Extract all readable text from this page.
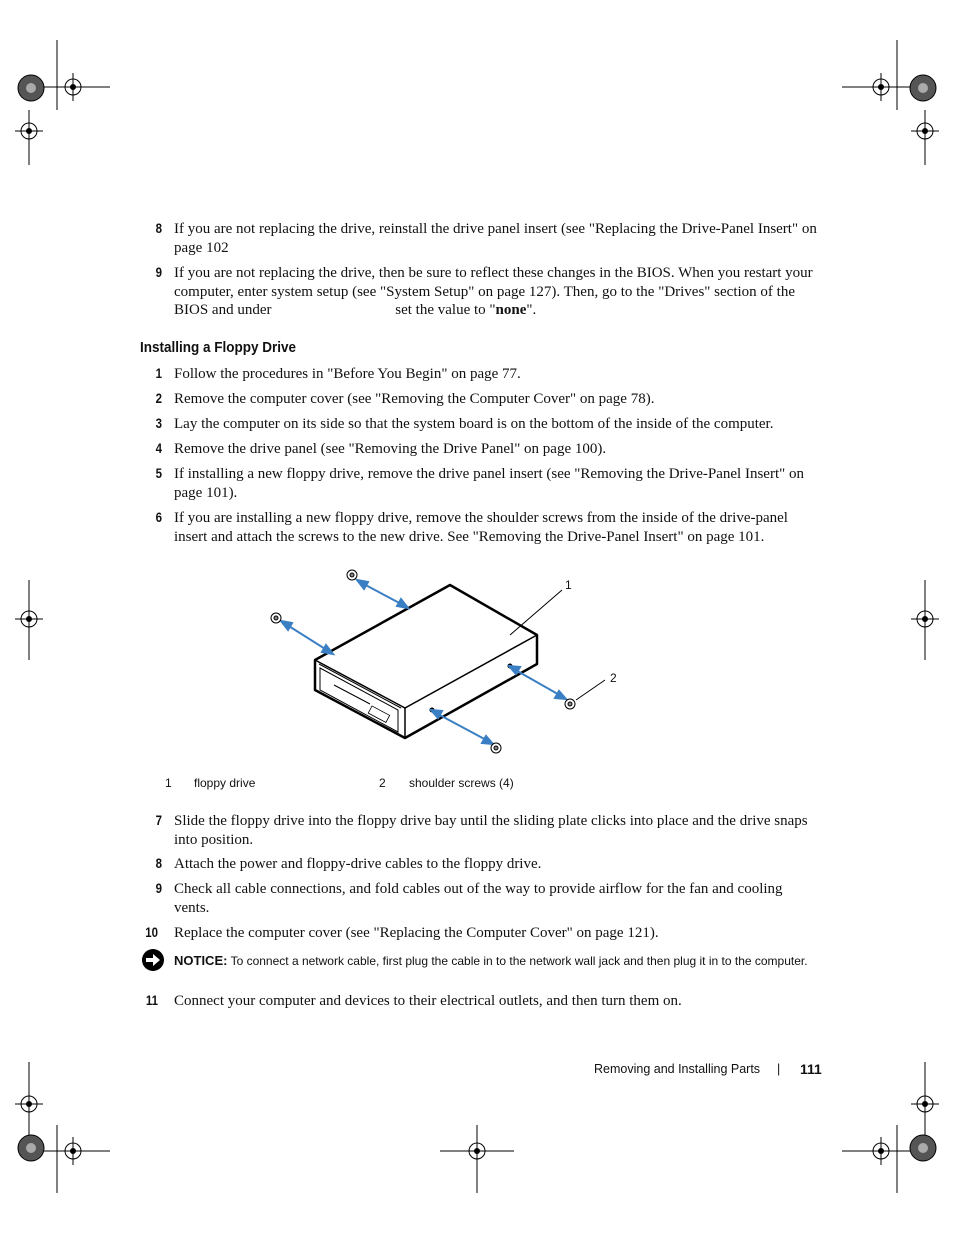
8 If you are not replacing the drive, reinstall the drive panel insert (see "Replacing the Drive-Panel Insert" on page 102
9 If you are not replacing the drive, then be sure to reflect these changes in the BIOS. When you restart your computer, enter system setup (see "System Setup" on page 127). Then, go to the "Drives" section of the BIOS and under	set the value to "none".
Installing a Floppy Drive
1 Follow the procedures in "Before You Begin" on page 77.
2 Remove the computer cover (see "Removing the Computer Cover" on page 78).
3 Lay the computer on its side so that the system board is on the bottom of the inside of the computer.
4 Remove the drive panel (see "Removing the Drive Panel" on page 100).
5 If installing a new floppy drive, remove the drive panel insert (see "Removing the Drive-Panel Insert" on page 101).
6 If you are installing a new floppy drive, remove the shoulder screws from the inside of the drive-panel insert and attach the screws to the new drive. See "Removing the Drive-Panel Insert" on page 101.
1
2
1 floppy drive	2 shoulder screws (4)
7 Slide the floppy drive into the floppy drive bay until the sliding plate clicks into place and the drive snaps into position.
8 Attach the power and floppy-drive cables to the floppy drive.
9 Check all cable connections, and fold cables out of the way to provide airflow for the fan and cooling vents.
10 Replace the computer cover (see "Replacing the Computer Cover" on page 121).
NOTICE: To connect a network cable, first plug the cable in to the network wall jack and then plug it in to the computer.
11 Connect your computer and devices to their electrical outlets, and then turn them on.
Removing and Installing Parts | 111
